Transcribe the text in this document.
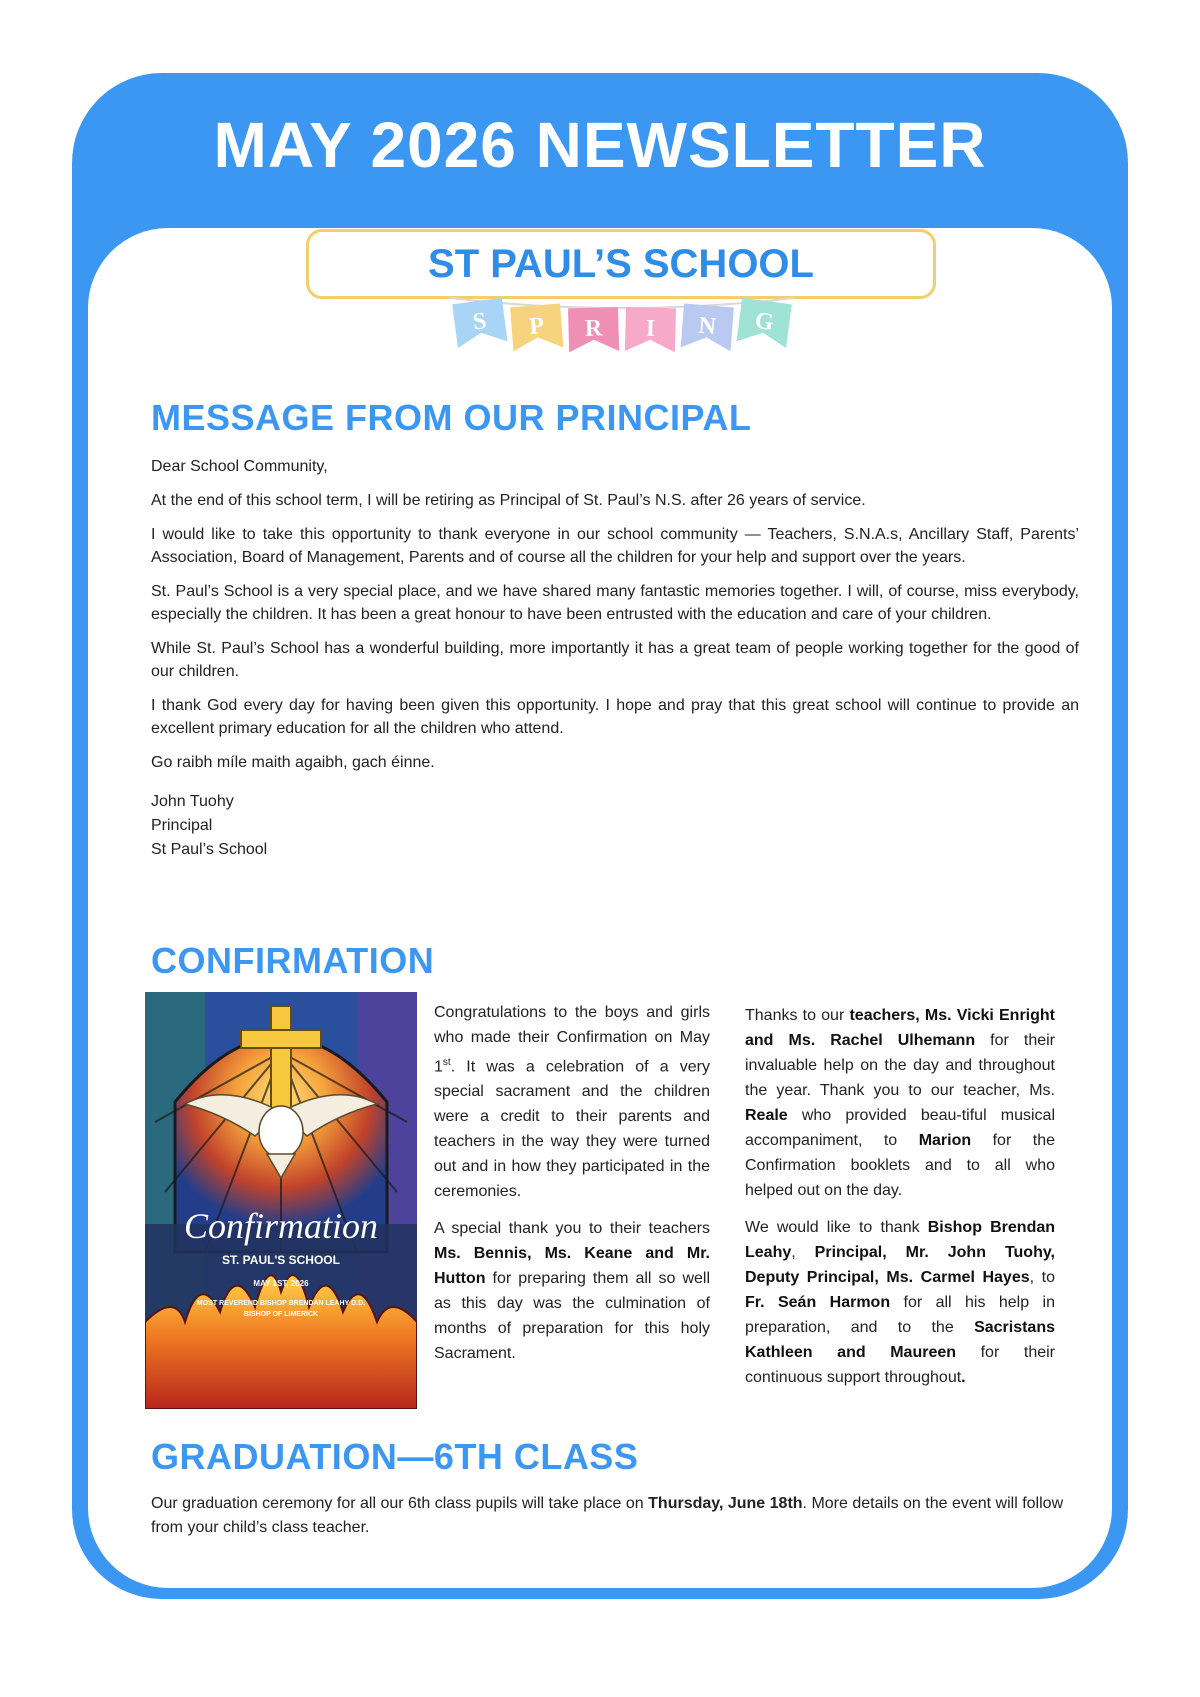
MAY 2026 NEWSLETTER
ST PAUL’S SCHOOL
S P R I N G
MESSAGE FROM OUR PRINCIPAL

Dear School Community,

At the end of this school term, I will be retiring as Principal of St. Paul’s N.S. after 26 years of service.

I would like to take this opportunity to thank everyone in our school community — Teachers, S.N.A.s, Ancillary Staff, Parents’ Association, Board of Management, Parents and of course all the children for your help and support over the years.

St. Paul’s School is a very special place, and we have shared many fantastic memories together. I will, of course, miss everybody, especially the children. It has been a great honour to have been entrusted with the education and care of your children.

While St. Paul’s School has a wonderful building, more importantly it has a great team of people working together for the good of our children.

I thank God every day for having been given this opportunity. I hope and pray that this great school will continue to provide an excellent primary education for all the children who attend.

Go raibh míle maith agaibh, gach éinne.

John Tuohy
Principal
St Paul’s School
CONFIRMATION
Confirmation
ST. PAUL'S SCHOOL
MAY 1ST, 2026
MOST REVEREND BISHOP BRENDAN LEAHY D.D.
BISHOP OF LIMERICK

Congratulations to the boys and girls who made their Confirmation on May 1st. It was a celebration of a very special sacrament and the children were a credit to their parents and teachers in the way they were turned out and in how they participated in the ceremonies.

A special thank you to their teachers Ms. Bennis, Ms. Keane and Mr. Hutton for preparing them all so well as this day was the culmination of months of preparation for this holy Sacrament.

Thanks to our teachers, Ms. Vicki Enright and Ms. Rachel Ulhemann for their invaluable help on the day and throughout the year. Thank you to our teacher, Ms. Reale who provided beau-tiful musical accompaniment, to Marion for the Confirmation booklets and to all who helped out on the day.

We would like to thank Bishop Brendan Leahy, Principal, Mr. John Tuohy, Deputy Principal, Ms. Carmel Hayes, to Fr. Seán Harmon for all his help in preparation, and to the Sacristans Kathleen and Maureen for their continuous support throughout.

GRADUATION—6TH CLASS
Our graduation ceremony for all our 6th class pupils will take place on Thursday, June 18th. More details on the event will follow from your child’s class teacher.
